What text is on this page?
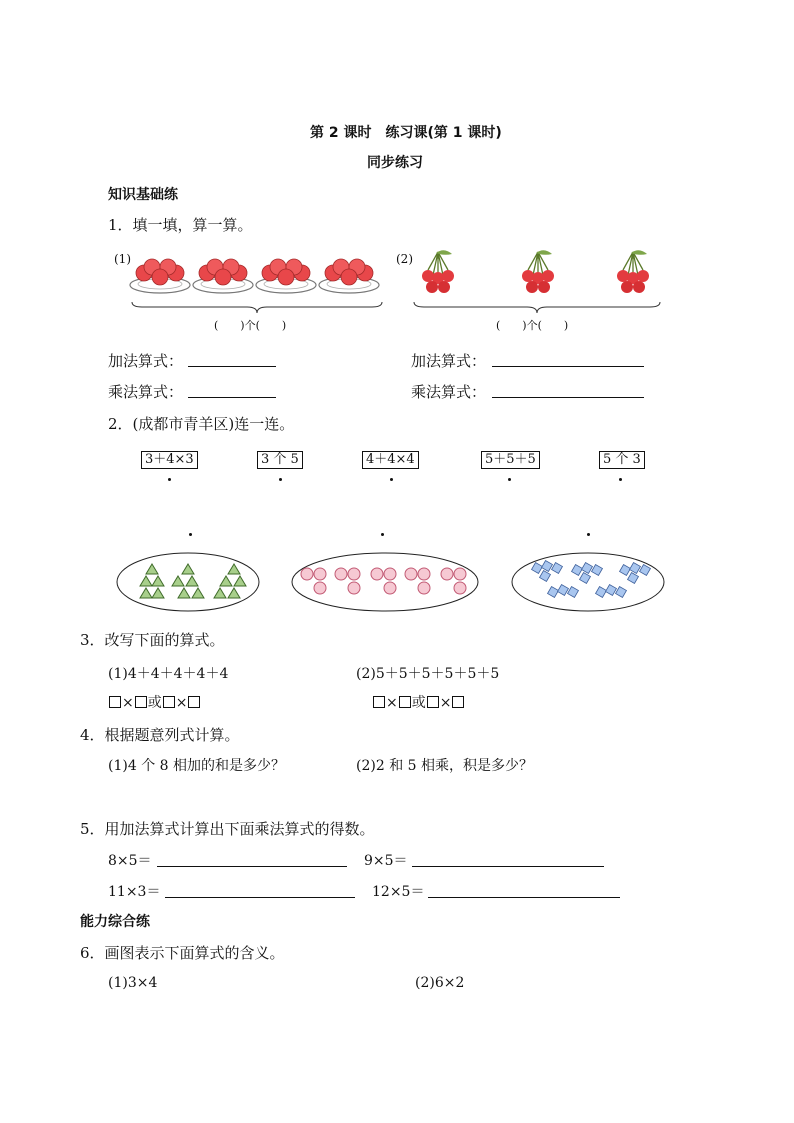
第 2 课时　练习课(第 1 课时)
同步练习
知识基础练
1．填一填，算一算。
(1)
(　　)个(　　)
(2)
(　　)个(　　)
加法算式：
乘法算式：
加法算式：
乘法算式：
2．(成都市青羊区)连一连。
3＋4×3	3 个 5	4＋4×4	5＋5＋5	5 个 3
3．改写下面的算式。
(1)4＋4＋4＋4＋4	(2)5＋5＋5＋5＋5＋5
× 或 ×	× 或 ×
4．根据题意列式计算。
(1)4 个 8 相加的和是多少？	(2)2 和 5 相乘，积是多少？
5．用加法算式计算出下面乘法算式的得数。
8×5＝	9×5＝
11×3＝	12×5＝
能力综合练
6．画图表示下面算式的含义。
(1)3×4	(2)6×2
